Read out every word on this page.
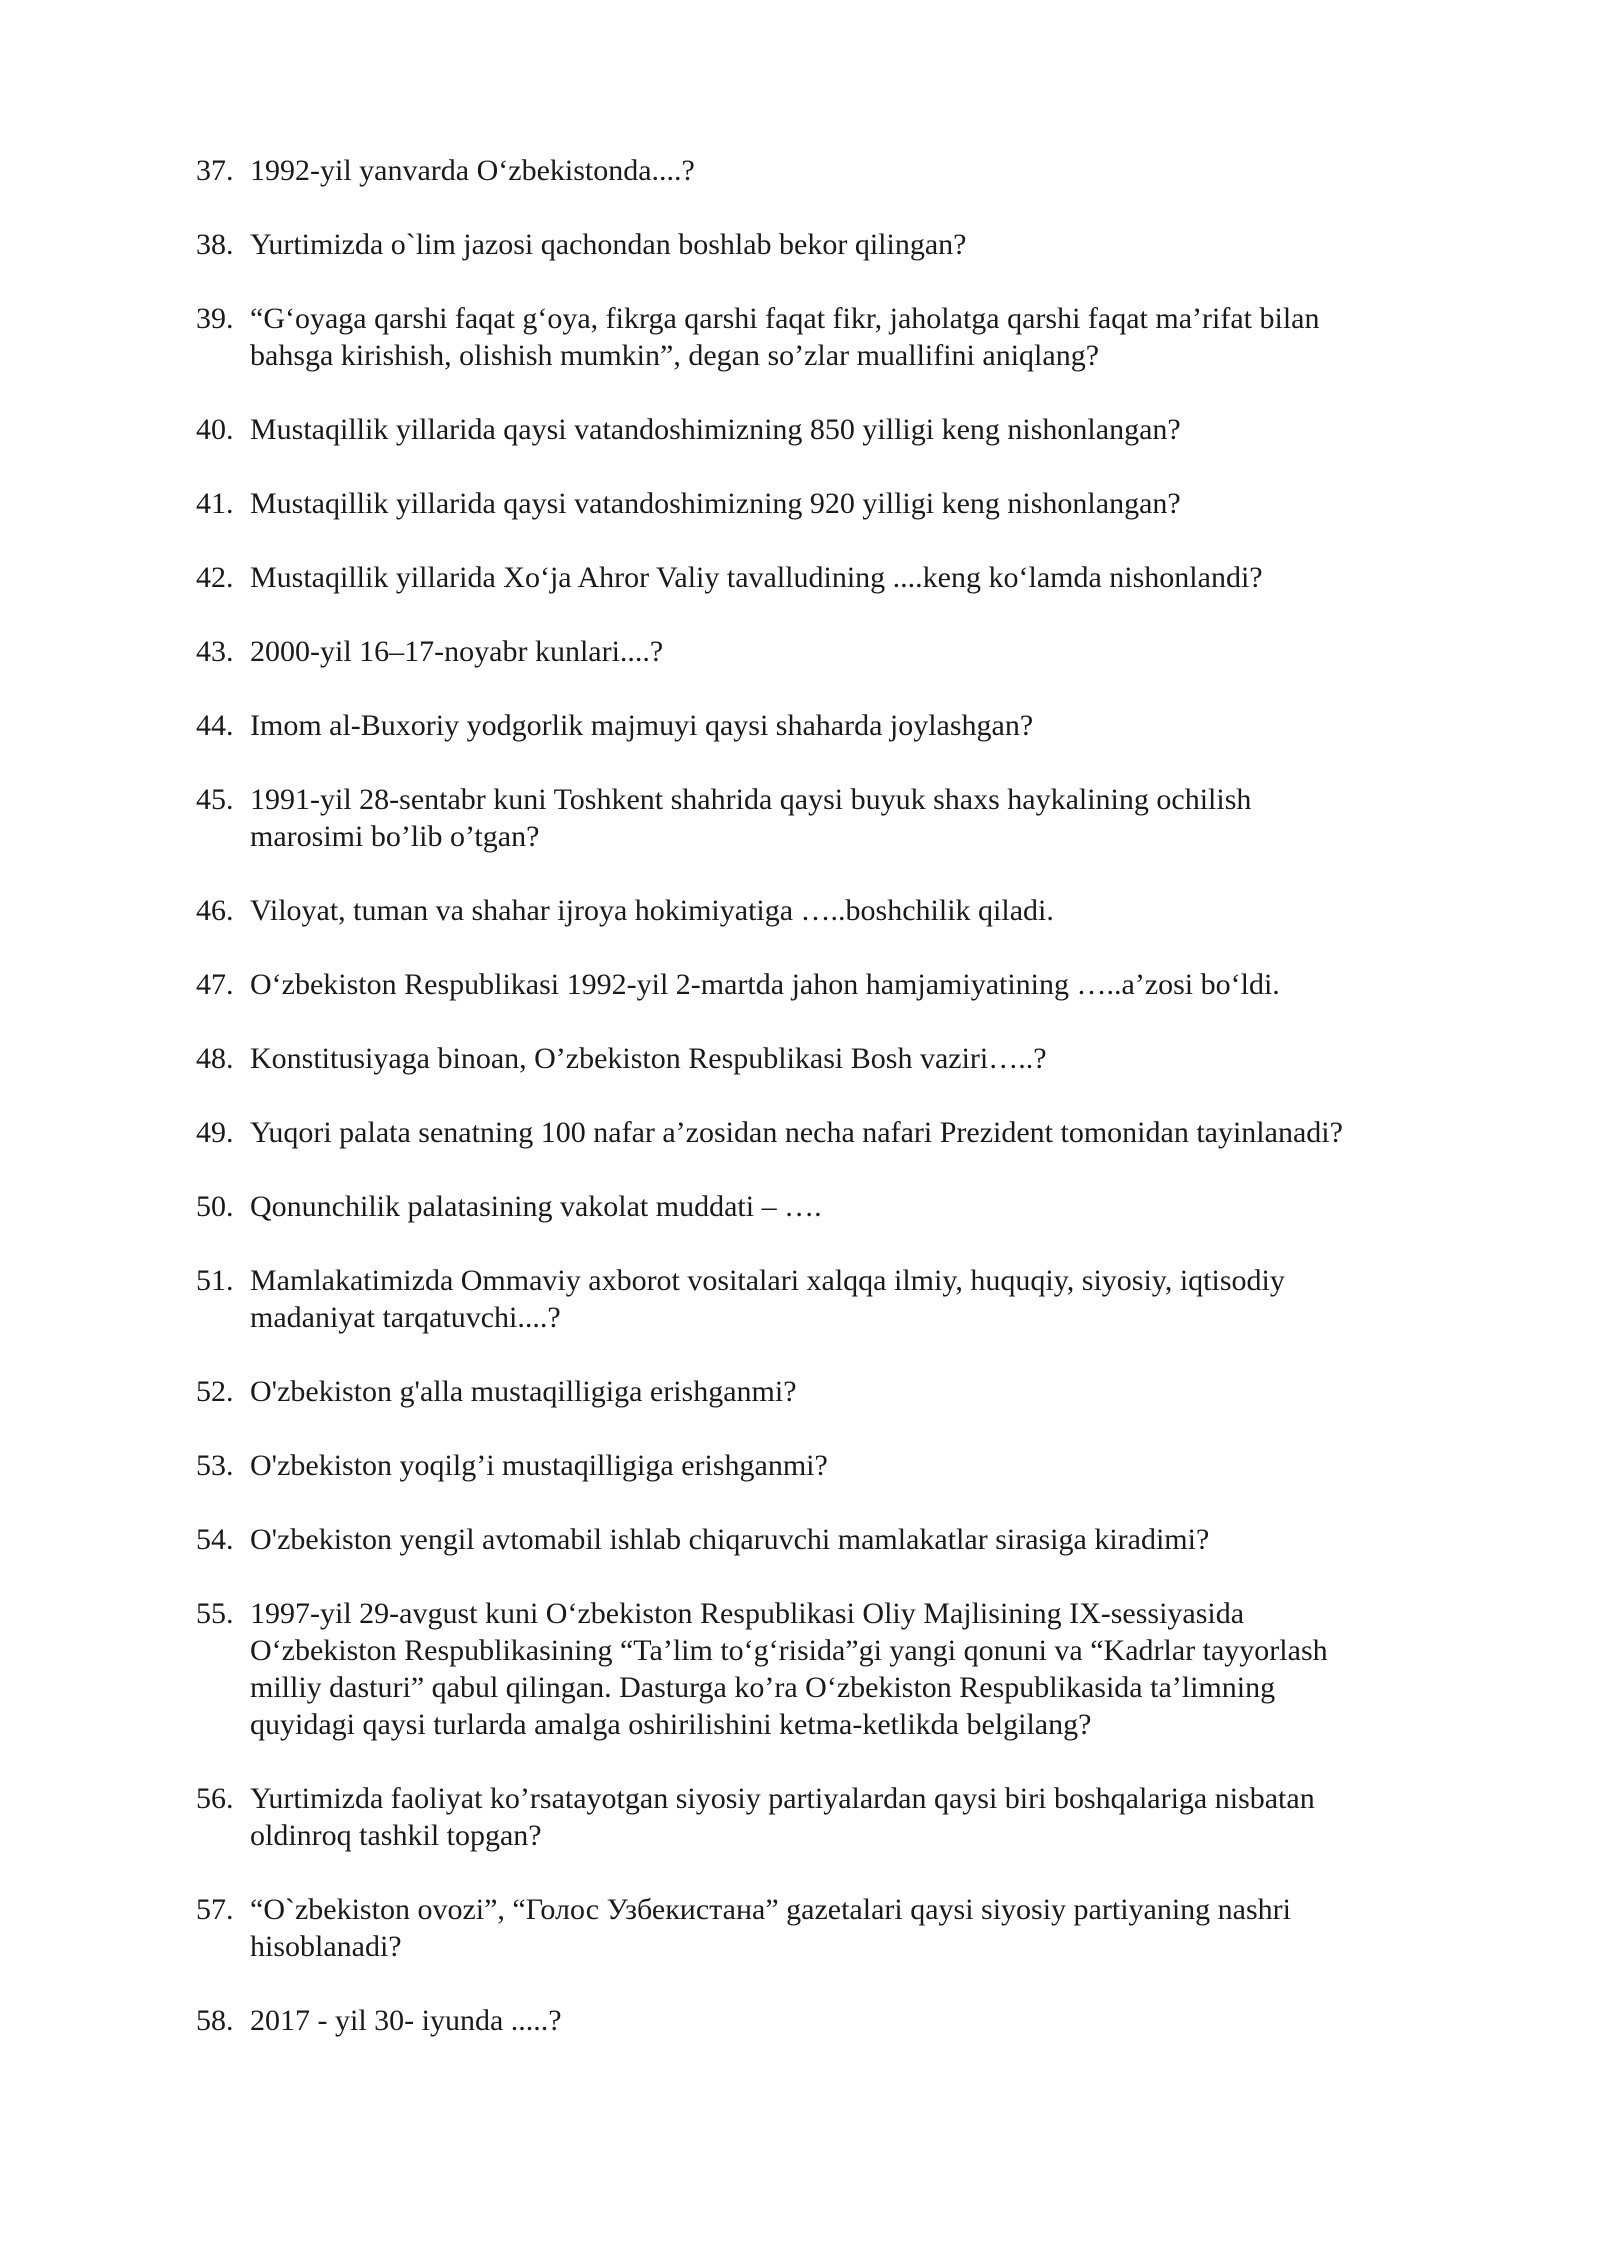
37. 1992-yil yanvarda O‘zbekistonda....?
38. Yurtimizda o`lim jazosi qachondan boshlab bekor qilingan?
39. “G‘oyaga qarshi faqat g‘oya, fikrga qarshi faqat fikr, jaholatga qarshi faqat ma’rifat bilan
bahsga kirishish, olishish mumkin”, degan so’zlar muallifini aniqlang?
40. Mustaqillik yillarida qaysi vatandoshimizning 850 yilligi keng nishonlangan?
41. Mustaqillik yillarida qaysi vatandoshimizning 920 yilligi keng nishonlangan?
42. Mustaqillik yillarida Xo‘ja Ahror Valiy tavalludining ....keng ko‘lamda nishonlandi?
43. 2000-yil 16–17-noyabr kunlari....?
44. Imom al-Buxoriy yodgorlik majmuyi qaysi shaharda joylashgan?
45. 1991-yil 28-sentabr kuni Toshkent shahrida qaysi buyuk shaxs haykalining ochilish
marosimi bo’lib o’tgan?
46. Viloyat, tuman va shahar ijroya hokimiyatiga …..boshchilik qiladi.
47. O‘zbekiston Respublikasi 1992-yil 2-martda jahon hamjamiyatining …..a’zosi bo‘ldi.
48. Konstitusiyaga binoan, O’zbekiston Respublikasi Bosh vaziri…..?
49. Yuqori palata senatning 100 nafar a’zosidan necha nafari Prezident tomonidan tayinlanadi?
50. Qonunchilik palatasining vakolat muddati – ….
51. Mamlakatimizda Ommaviy axborot vositalari xalqqa ilmiy, huquqiy, siyosiy, iqtisodiy
madaniyat tarqatuvchi....?
52. O'zbekiston g'alla mustaqilligiga erishganmi?
53. O'zbekiston yoqilg’i mustaqilligiga erishganmi?
54. O'zbekiston yengil avtomabil ishlab chiqaruvchi mamlakatlar sirasiga kiradimi?
55. 1997-yil 29-avgust kuni O‘zbekiston Respublikasi Oliy Majlisining IX-sessiyasida
O‘zbekiston Respublikasining “Ta’lim to‘g‘risida”gi yangi qonuni va “Kadrlar tayyorlash
milliy dasturi” qabul qilingan. Dasturga ko’ra O‘zbekiston Respublikasida ta’limning
quyidagi qaysi turlarda amalga oshirilishini ketma-ketlikda belgilang?
56. Yurtimizda faoliyat ko’rsatayotgan siyosiy partiyalardan qaysi biri boshqalariga nisbatan
oldinroq tashkil topgan?
57. “O`zbekiston ovozi”, “Голос Узбекистана” gazetalari qaysi siyosiy partiyaning nashri
hisoblanadi?
58. 2017 - yil 30- iyunda .....?
